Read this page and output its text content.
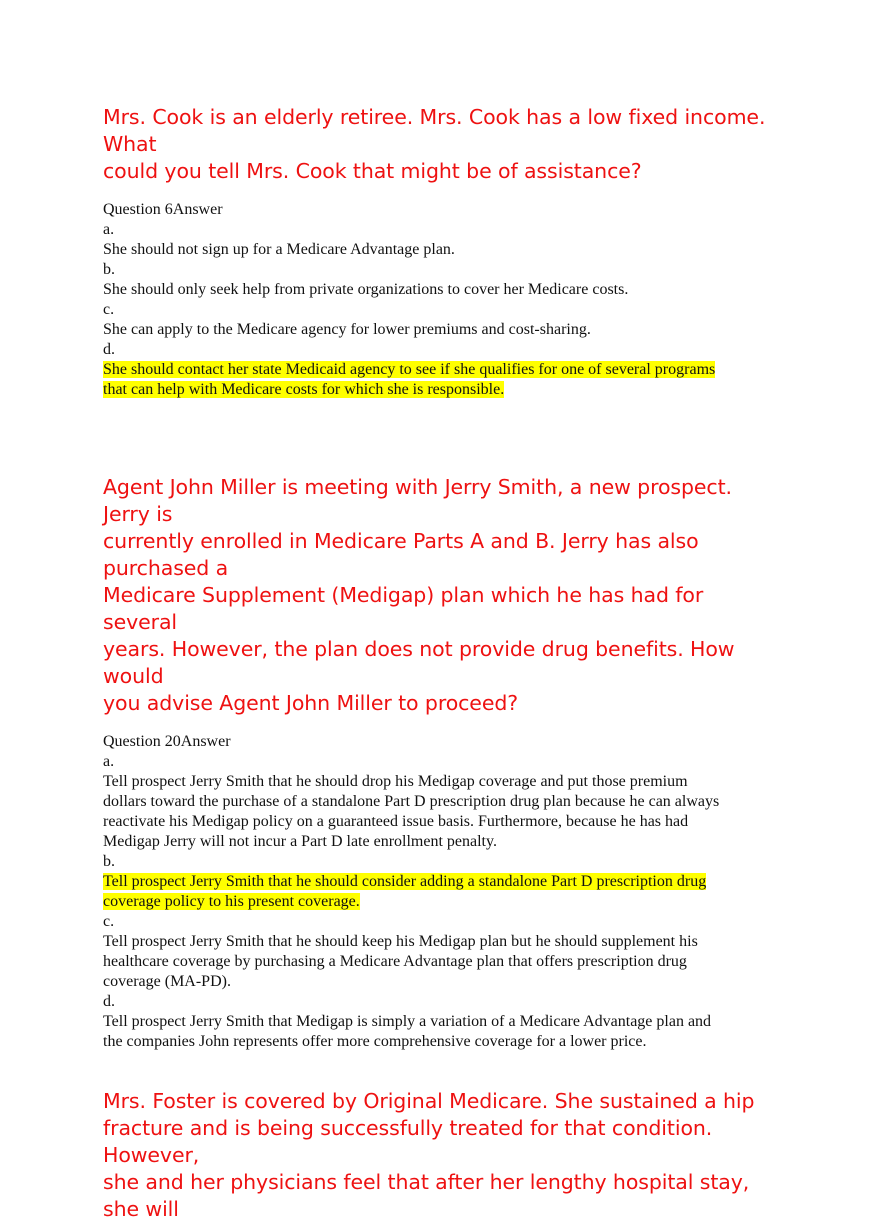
Mrs. Cook is an elderly retiree. Mrs. Cook has a low fixed income. What
could you tell Mrs. Cook that might be of assistance?
Question 6Answer
a.
She should not sign up for a Medicare Advantage plan.
b.
She should only seek help from private organizations to cover her Medicare costs.
c.
She can apply to the Medicare agency for lower premiums and cost-sharing.
d.
She should contact her state Medicaid agency to see if she qualifies for one of several programs
that can help with Medicare costs for which she is responsible.
Agent John Miller is meeting with Jerry Smith, a new prospect. Jerry is
currently enrolled in Medicare Parts A and B. Jerry has also purchased a
Medicare Supplement (Medigap) plan which he has had for several
years. However, the plan does not provide drug benefits. How would
you advise Agent John Miller to proceed?
Question 20Answer
a.
Tell prospect Jerry Smith that he should drop his Medigap coverage and put those premium
dollars toward the purchase of a standalone Part D prescription drug plan because he can always
reactivate his Medigap policy on a guaranteed issue basis. Furthermore, because he has had
Medigap Jerry will not incur a Part D late enrollment penalty.
b.
Tell prospect Jerry Smith that he should consider adding a standalone Part D prescription drug
coverage policy to his present coverage.
c.
Tell prospect Jerry Smith that he should keep his Medigap plan but he should supplement his
healthcare coverage by purchasing a Medicare Advantage plan that offers prescription drug
coverage (MA-PD).
d.
Tell prospect Jerry Smith that Medigap is simply a variation of a Medicare Advantage plan and
the companies John represents offer more comprehensive coverage for a lower price.
Mrs. Foster is covered by Original Medicare. She sustained a hip
fracture and is being successfully treated for that condition. However,
she and her physicians feel that after her lengthy hospital stay, she will
